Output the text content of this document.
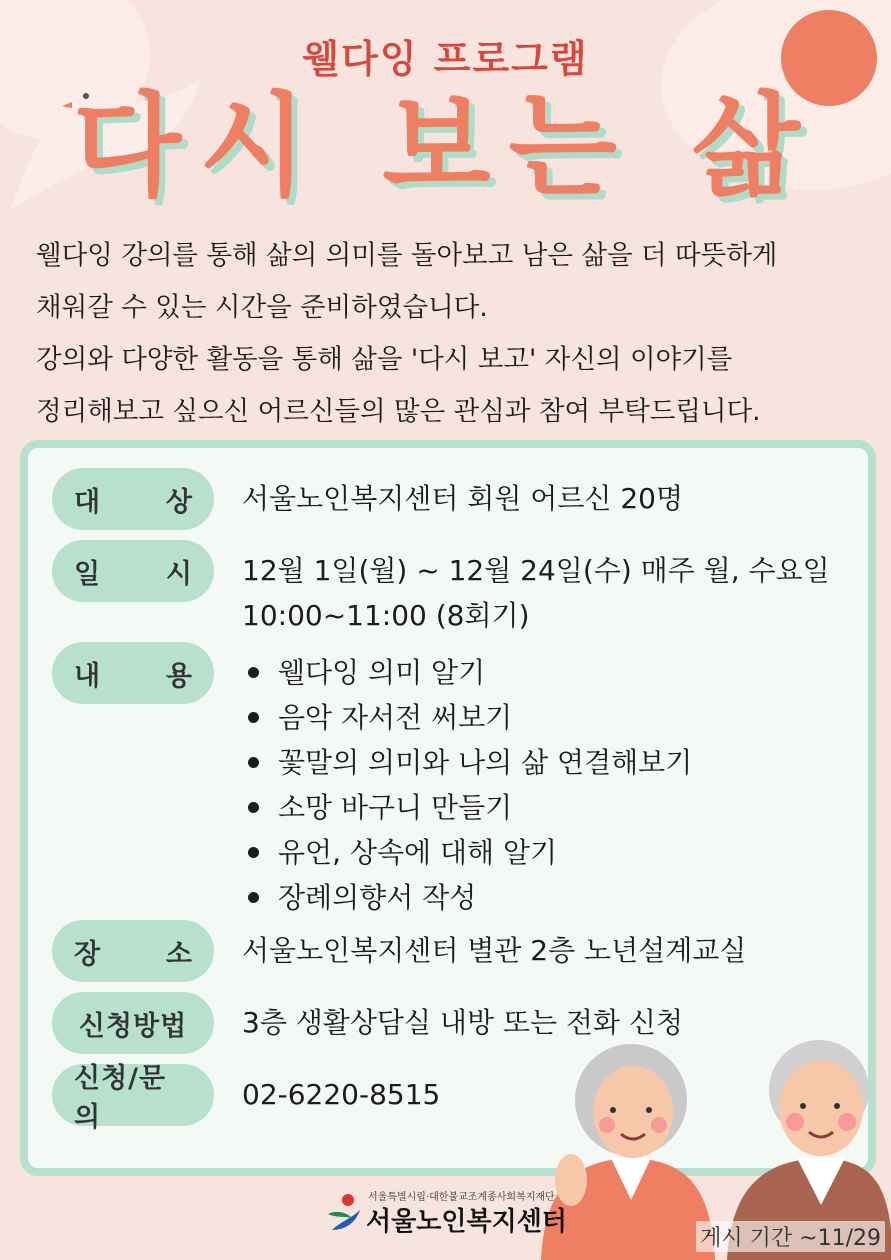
웰다잉 프로그램
다시 보는 삶
웰다잉 강의를 통해 삶의 의미를 돌아보고 남은 삶을 더 따뜻하게
채워갈 수 있는 시간을 준비하였습니다.
강의와 다양한 활동을 통해 삶을 '다시 보고' 자신의 이야기를
정리해보고 싶으신 어르신들의 많은 관심과 참여 부탁드립니다.
대 상 서울노인복지센터 회원 어르신 20명
일 시 12월 1일(월) ~ 12월 24일(수) 매주 월, 수요일
10:00~11:00 (8회기)
내 용	웰다잉 의미 알기
음악 자서전 써보기
꽃말의 의미와 나의 삶 연결해보기
소망 바구니 만들기
유언, 상속에 대해 알기
장례의향서 작성
장 소 서울노인복지센터 별관 2층 노년설계교실
신청방법	3층 생활상담실 내방 또는 전화 신청
신청/문의
02-6220-8515
서울특별시립·대한불교조계종사회복지재단
서울노인복지센터
게시 기간 ~11/29
